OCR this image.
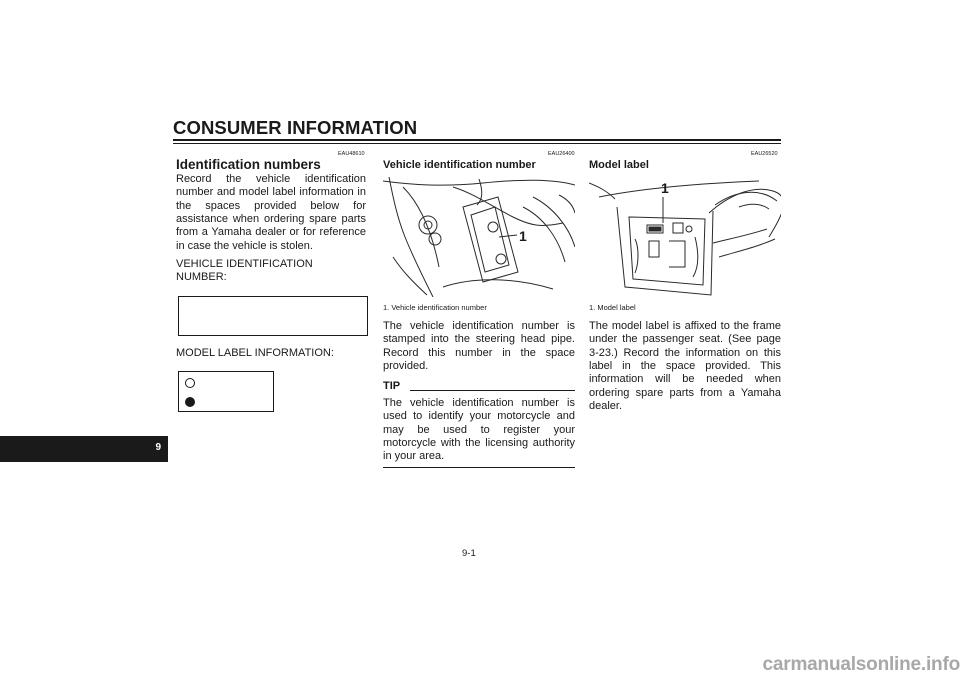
CONSUMER INFORMATION
9
EAU48610
Identification numbers
Record the vehicle identification number and model label information in the spaces provided below for assistance when ordering spare parts from a Yamaha dealer or for reference in case the vehicle is stolen.
VEHICLE IDENTIFICATION
NUMBER:
MODEL LABEL INFORMATION:
EAU26400
Vehicle identification number
1
1. Vehicle identification number
The vehicle identification number is stamped into the steering head pipe. Record this number in the space provided.
TIP
The vehicle identification number is used to identify your motorcycle and may be used to register your motorcycle with the licensing authority in your area.
EAU26520
Model label
1
1. Model label
The model label is affixed to the frame under the passenger seat. (See page 3-23.) Record the information on this label in the space provided. This information will be needed when ordering spare parts from a Yamaha dealer.
9-1
carmanualsonline.info
